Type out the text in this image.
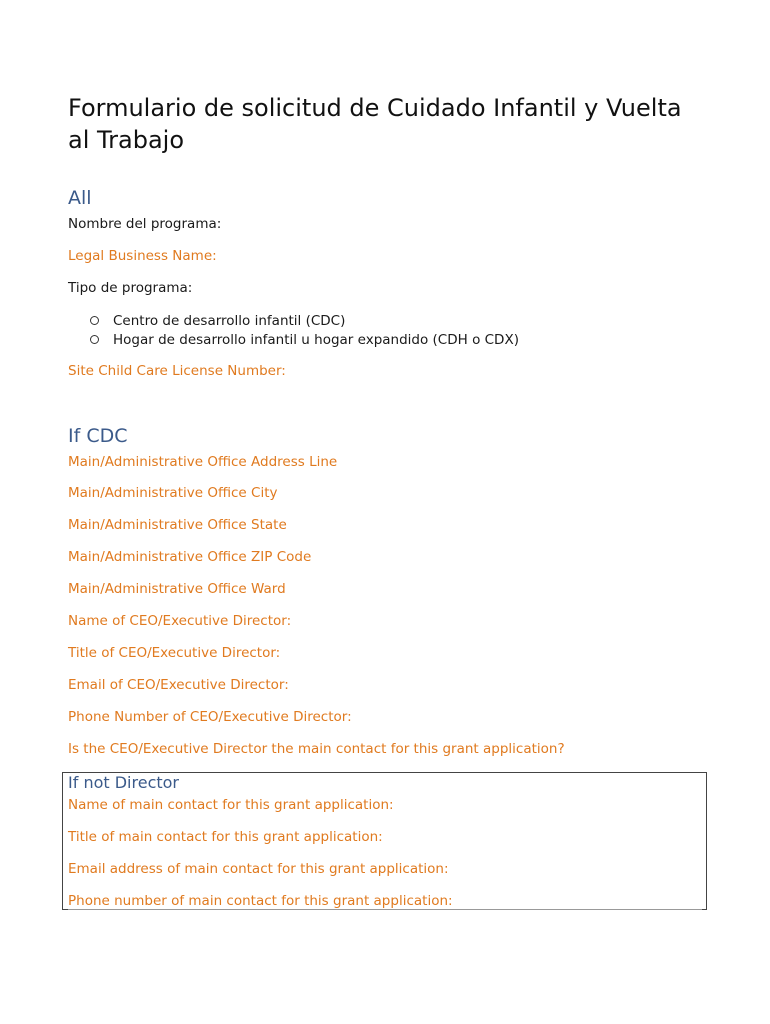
Formulario de solicitud de Cuidado Infantil y Vuelta al Trabajo
All

Nombre del programa:

Legal Business Name:

Tipo de programa:

Centro de desarrollo infantil (CDC)
Hogar de desarrollo infantil u hogar expandido (CDH o CDX)

Site Child Care License Number:

If CDC

Main/Administrative Office Address Line

Main/Administrative Office City

Main/Administrative Office State

Main/Administrative Office ZIP Code

Main/Administrative Office Ward

Name of CEO/Executive Director:

Title of CEO/Executive Director:

Email of CEO/Executive Director:

Phone Number of CEO/Executive Director:

Is the CEO/Executive Director the main contact for this grant application?

If not Director

Name of main contact for this grant application:

Title of main contact for this grant application:

Email address of main contact for this grant application:

Phone number of main contact for this grant application:
